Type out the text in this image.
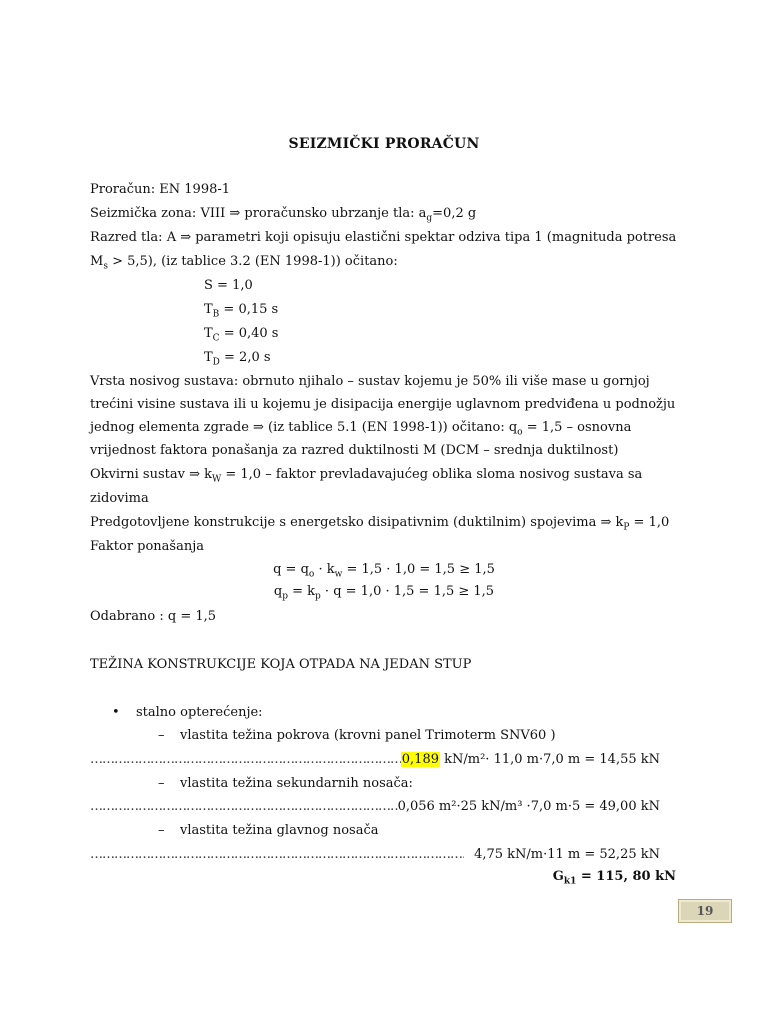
SEIZMIČKI PRORAČUN
Proračun: EN 1998-1
Seizmička zona: VIII ⇒ proračunsko ubrzanje tla: $a_g=0,2$ g
Razred tla: A ⇒ parametri koji opisuju elastični spektar odziva tipa 1 (magnituda potresa
$M_s > 5,5$), (iz tablice 3.2 (EN 1998-1)) očitano:
S = 1,0
$T_B = 0,15$ s
$T_C = 0,40$ s
$T_D = 2,0$ s
Vrsta nosivog sustava: obrnuto njihalo – sustav kojemu je 50% ili više mase u gornjoj
trećini visine sustava ili u kojemu je disipacija energije uglavnom predviđena u podnožju
jednog elementa zgrade ⇒ (iz tablice 5.1 (EN 1998-1)) očitano: $q_o = 1,5$ – osnovna
vrijednost faktora ponašanja za razred duktilnosti M (DCM – srednja duktilnost)
Okvirni sustav ⇒ $k_W = 1,0$ – faktor prevladavajućeg oblika sloma nosivog sustava sa
zidovima
Predgotovljene konstrukcije s energetsko disipativnim (duktilnim) spojevima ⇒ $k_P = 1,0$
Faktor ponašanja
$q = q_o \cdot k_w = 1,5 \cdot 1,0 = 1,5 \ge 1,5$
$q_p = k_p \cdot q = 1,0 \cdot 1,5 = 1,5 \ge 1,5$
Odabrano : q = 1,5
TEŽINA KONSTRUKCIJE KOJA OTPADA NA JEDAN STUP
• stalno opterećenje:
– vlastita težina pokrova (krovni panel Trimoterm SNV60 )
……………………………………………………………………………………………………………………………………………………………………………………………………………………
0,189 kN/m²· 11,0 m·7,0 m = 14,55 kN
– vlastita težina sekundarnih nosača:
……………………………………………………………………………………………………………………………………………………………………………………………………………………
0,056 m²·25 kN/m³ ·7,0 m·5 = 49,00 kN
– vlastita težina glavnog nosača
……………………………………………………………………………………………………………………………………………………………………………………………………………………
4,75 kN/m·11 m = 52,25 kN
$G_{k1} = 115$, 80 kN
19
